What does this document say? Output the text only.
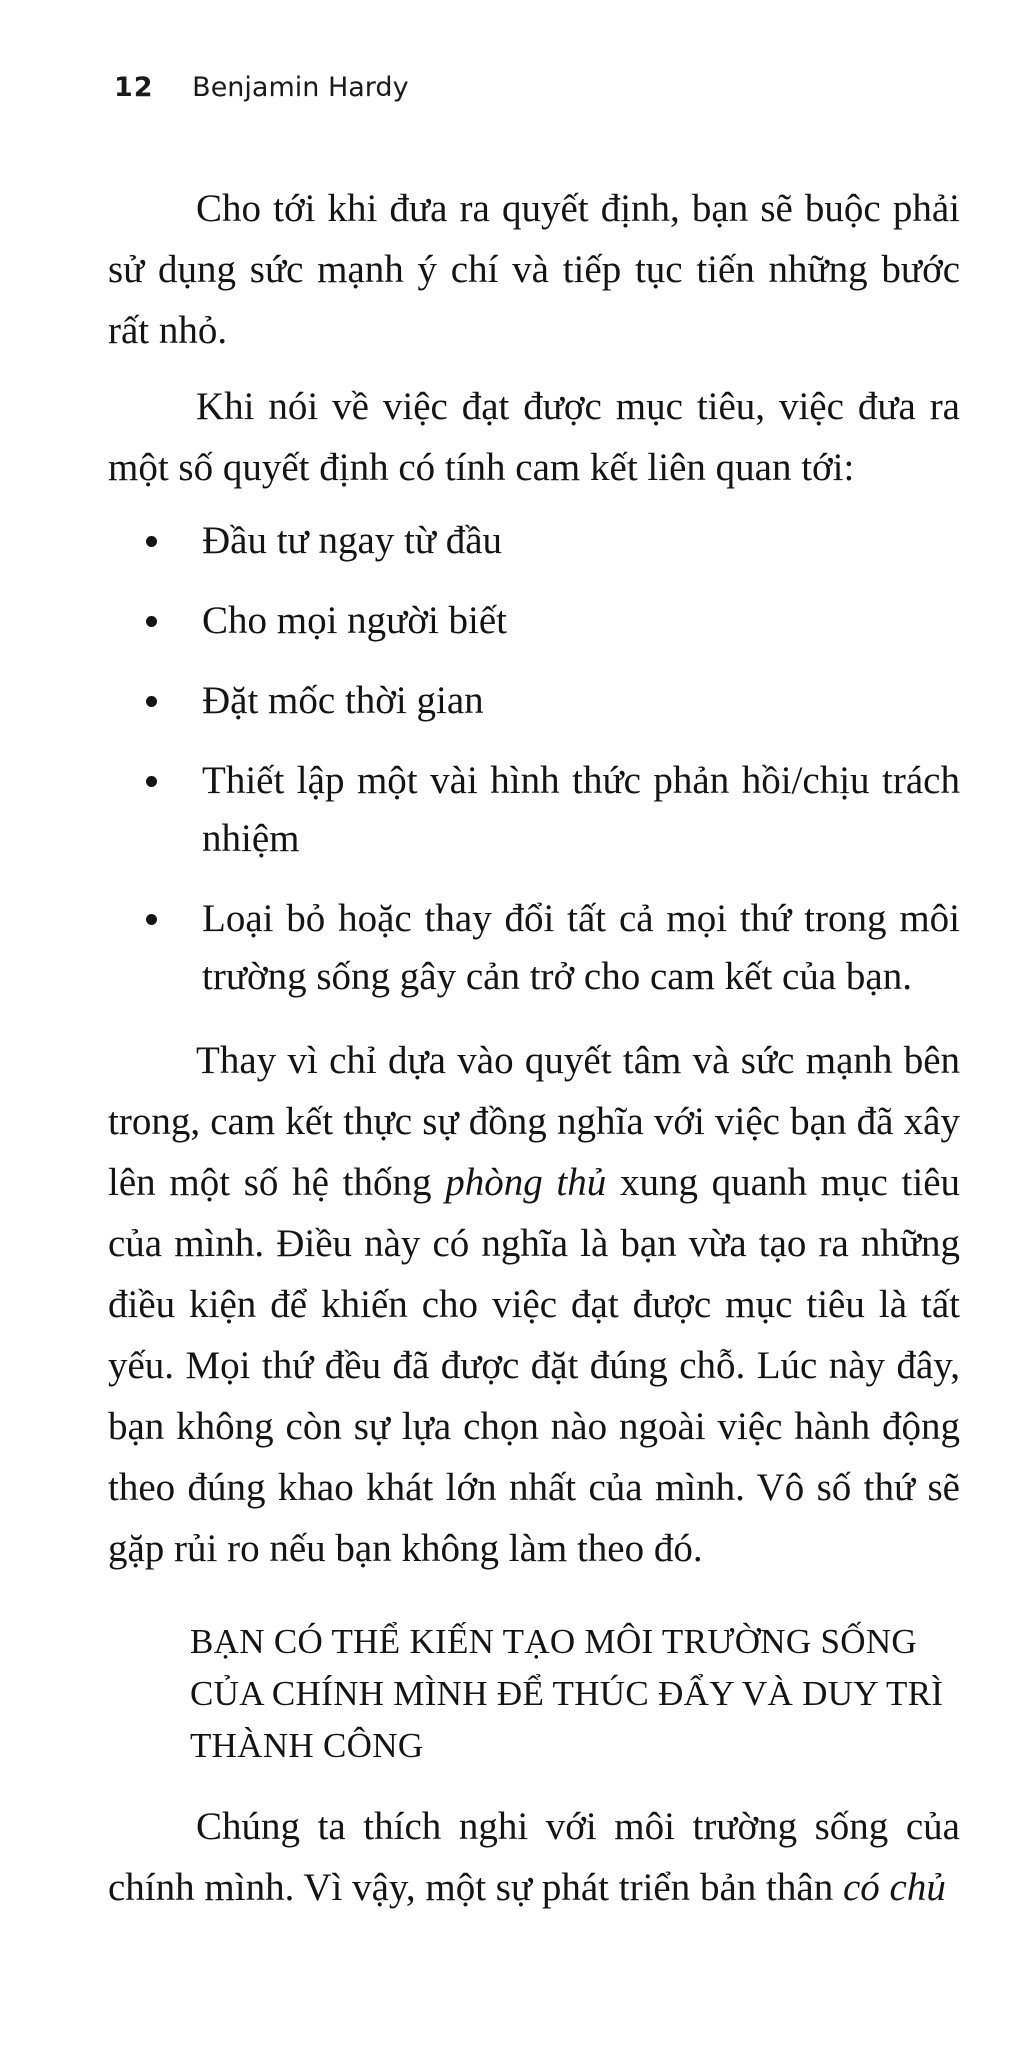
12 Benjamin Hardy

Cho tới khi đưa ra quyết định, bạn sẽ buộc phải sử dụng sức mạnh ý chí và tiếp tục tiến những bước rất nhỏ.

Khi nói về việc đạt được mục tiêu, việc đưa ra một số quyết định có tính cam kết liên quan tới:

Đầu tư ngay từ đầu
Cho mọi người biết
Đặt mốc thời gian
Thiết lập một vài hình thức phản hồi/chịu trách nhiệm
Loại bỏ hoặc thay đổi tất cả mọi thứ trong môi trường sống gây cản trở cho cam kết của bạn.

Thay vì chỉ dựa vào quyết tâm và sức mạnh bên trong, cam kết thực sự đồng nghĩa với việc bạn đã xây lên một số hệ thống phòng thủ xung quanh mục tiêu của mình. Điều này có nghĩa là bạn vừa tạo ra những điều kiện để khiến cho việc đạt được mục tiêu là tất yếu. Mọi thứ đều đã được đặt đúng chỗ. Lúc này đây, bạn không còn sự lựa chọn nào ngoài việc hành động theo đúng khao khát lớn nhất của mình. Vô số thứ sẽ gặp rủi ro nếu bạn không làm theo đó.

BẠN CÓ THỂ KIẾN TẠO MÔI TRƯỜNG SỐNG CỦA CHÍNH MÌNH ĐỂ THÚC ĐẨY VÀ DUY TRÌ THÀNH CÔNG

Chúng ta thích nghi với môi trường sống của chính mình. Vì vậy, một sự phát triển bản thân có chủ
